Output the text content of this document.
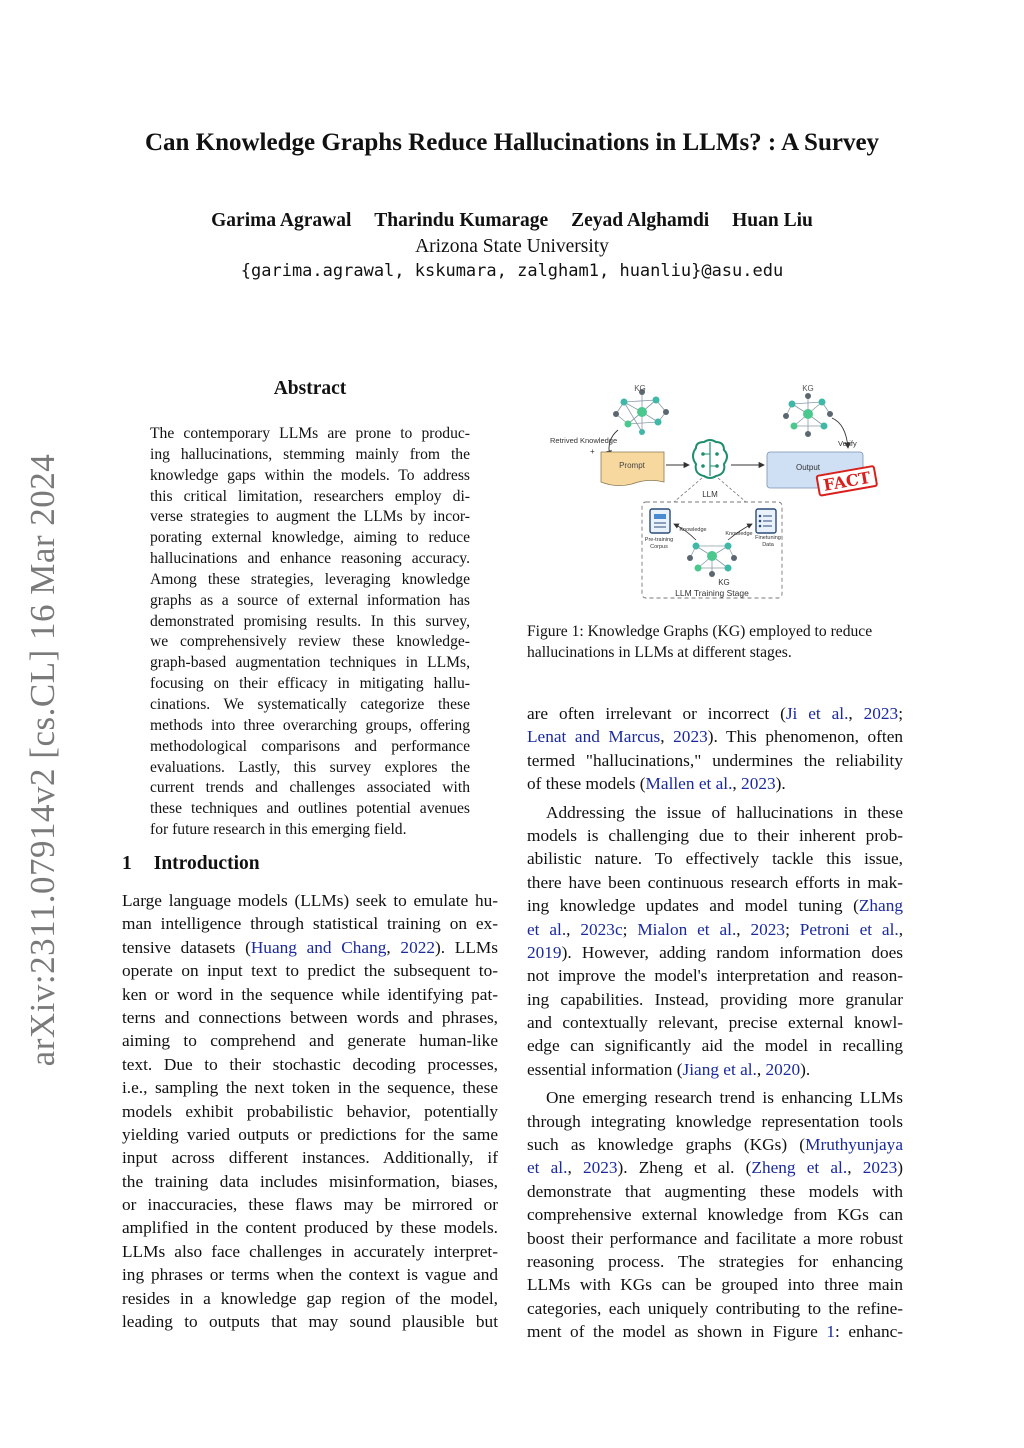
arXiv:2311.07914v2 [cs.CL] 16 Mar 2024
Can Knowledge Graphs Reduce Hallucinations in LLMs? : A Survey
Garima Agrawal Tharindu Kumarage Zeyad Alghamdi Huan Liu
Arizona State University
{garima.agrawal, kskumara, zalgham1, huanliu}@asu.edu
Abstract
The contemporary LLMs are prone to produc-
ing hallucinations, stemming mainly from the
knowledge gaps within the models. To address
this critical limitation, researchers employ di-
verse strategies to augment the LLMs by incor-
porating external knowledge, aiming to reduce
hallucinations and enhance reasoning accuracy.
Among these strategies, leveraging knowledge
graphs as a source of external information has
demonstrated promising results. In this survey,
we comprehensively review these knowledge-
graph-based augmentation techniques in LLMs,
focusing on their efficacy in mitigating hallu-
cinations. We systematically categorize these
methods into three overarching groups, offering
methodological comparisons and performance
evaluations. Lastly, this survey explores the
current trends and challenges associated with
these techniques and outlines potential avenues
for future research in this emerging field.
1 Introduction
Large language models (LLMs) seek to emulate hu-
man intelligence through statistical training on ex-
tensive datasets (Huang and Chang, 2022). LLMs
operate on input text to predict the subsequent to-
ken or word in the sequence while identifying pat-
terns and connections between words and phrases,
aiming to comprehend and generate human-like
text. Due to their stochastic decoding processes,
i.e., sampling the next token in the sequence, these
models exhibit probabilistic behavior, potentially
yielding varied outputs or predictions for the same
input across different instances. Additionally, if
the training data includes misinformation, biases,
or inaccuracies, these flaws may be mirrored or
amplified in the content produced by these models.
LLMs also face challenges in accurately interpret-
ing phrases or terms when the context is vague and
resides in a knowledge gap region of the model,
leading to outputs that may sound plausible but
are often irrelevant or incorrect (Ji et al., 2023;
Lenat and Marcus, 2023). This phenomenon, often
termed "hallucinations," undermines the reliability
of these models (Mallen et al., 2023).
Addressing the issue of hallucinations in these
models is challenging due to their inherent prob-
abilistic nature. To effectively tackle this issue,
there have been continuous research efforts in mak-
ing knowledge updates and model tuning (Zhang
et al., 2023c; Mialon et al., 2023; Petroni et al.,
2019). However, adding random information does
not improve the model's interpretation and reason-
ing capabilities. Instead, providing more granular
and contextually relevant, precise external knowl-
edge can significantly aid the model in recalling
essential information (Jiang et al., 2020).
One emerging research trend is enhancing LLMs
through integrating knowledge representation tools
such as knowledge graphs (KGs) (Mruthyunjaya
et al., 2023). Zheng et al. (Zheng et al., 2023)
demonstrate that augmenting these models with
comprehensive external knowledge from KGs can
boost their performance and facilitate a more robust
reasoning process. The strategies for enhancing
LLMs with KGs can be grouped into three main
categories, each uniquely contributing to the refine-
ment of the model as shown in Figure 1: enhanc-
KG	KG
Retrived Knowledge
+
Prompt
LLM
Output
Verify
FACT
Pre-training
Corpus
Finetuning
Data
Knowledge
Knowledge
KG
LLM Training Stage
Figure 1: Knowledge Graphs (KG) employed to reduce hallucinations in LLMs at different stages.
